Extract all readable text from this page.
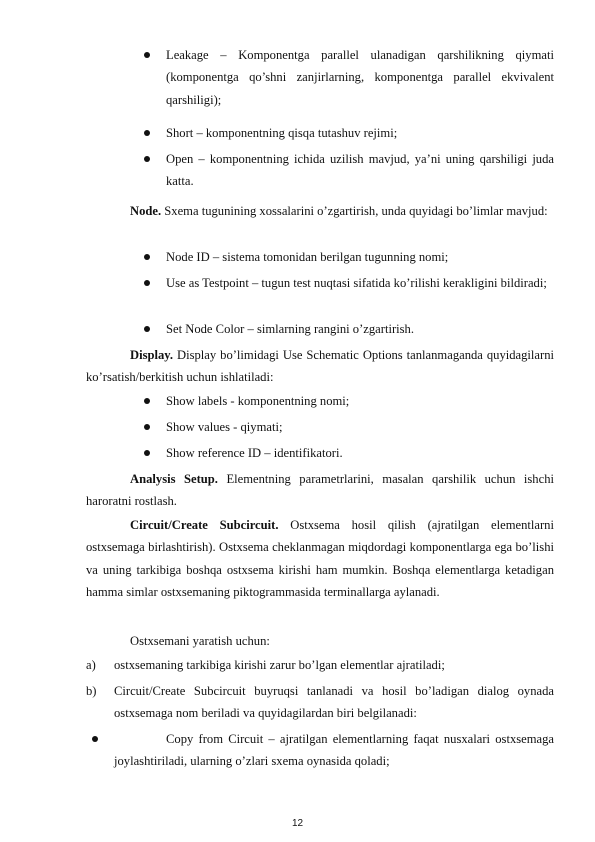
Leakage – Komponentga parallel ulanadigan qarshilikning qiymati (komponentga qo’shni zanjirlarning, komponentga parallel ekvivalent qarshiligi);
Short – komponentning qisqa tutashuv rejimi;
Open – komponentning ichida uzilish mavjud, ya’ni uning qarshiligi juda katta.
Node. Sxema tugunining xossalarini o’zgartirish, unda quyidagi bo’limlar mavjud:
Node ID – sistema tomonidan berilgan tugunning nomi;
Use as Testpoint – tugun test nuqtasi sifatida ko’rilishi kerakligini bildiradi;
Set Node Color – simlarning rangini o’zgartirish.
Display. Display bo’limidagi Use Schematic Options tanlanmaganda quyidagilarni ko’rsatish/berkitish uchun ishlatiladi:
Show labels - komponentning nomi;
Show values - qiymati;
Show reference ID – identifikatori.
Analysis Setup. Elementning parametrlarini, masalan qarshilik uchun ishchi haroratni rostlash.
Circuit/Create Subcircuit. Ostxsema hosil qilish (ajratilgan elementlarni ostxsemaga birlashtirish). Ostxsema cheklanmagan miqdordagi komponentlarga ega bo’lishi va uning tarkibiga boshqa ostxsema kirishi ham mumkin. Boshqa elementlarga ketadigan hamma simlar ostxsemaning piktogrammasida terminallarga aylanadi.
Ostxsemani yaratish uchun:
a) ostxsemaning tarkibiga kirishi zarur bo’lgan elementlar ajratiladi;
b) Circuit/Create Subcircuit buyruqsi tanlanadi va hosil bo’ladigan dialog oynada ostxsemaga nom beriladi va quyidagilardan biri belgilanadi:
Copy from Circuit – ajratilgan elementlarning faqat nusxalari ostxsemaga joylashtiriladi, ularning o’zlari sxema oynasida qoladi;
12
